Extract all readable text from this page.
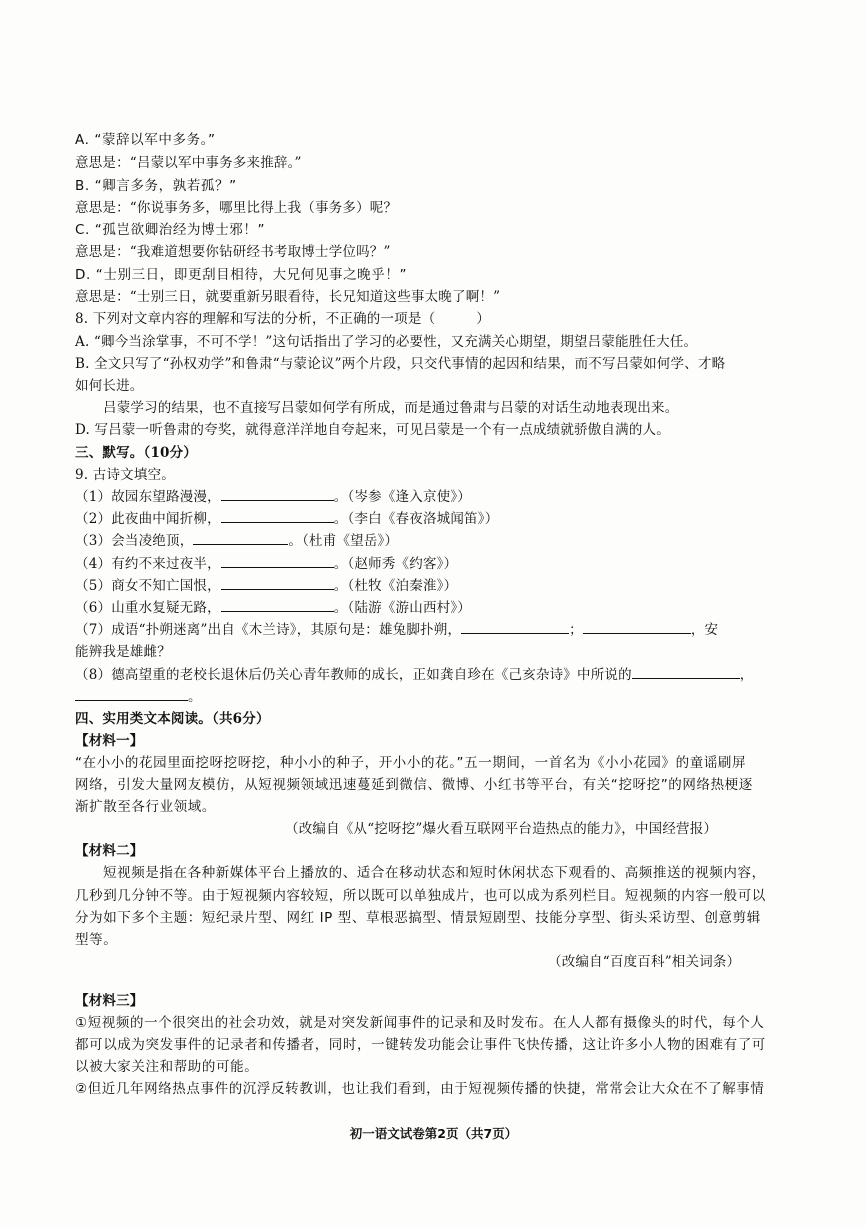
A. “蒙辞以军中多务。”
意思是：“吕蒙以军中事务多来推辞。”
B. “卿言多务，孰若孤？”
意思是：“你说事务多，哪里比得上我（事务多）呢？
C. “孤岂欲卿治经为博士邪！”
意思是：“我难道想要你钻研经书考取博士学位吗？”
D. “士别三日，即更刮目相待，大兄何见事之晚乎！”
意思是：“士别三日，就要重新另眼看待，长兄知道这些事太晚了啊！”
8. 下列对文章内容的理解和写法的分析，不正确的一项是（　　　）
A. “卿今当涂掌事，不可不学！”这句话指出了学习的必要性，又充满关心期望，期望吕蒙能胜任大任。
B. 全文只写了“孙权劝学”和鲁肃“与蒙论议”两个片段，只交代事情的起因和结果，而不写吕蒙如何学、才略
如何长进。
吕蒙学习的结果，也不直接写吕蒙如何学有所成，而是通过鲁肃与吕蒙的对话生动地表现出来。
D. 写吕蒙一听鲁肃的夸奖，就得意洋洋地自夸起来，可见吕蒙是一个有一点成绩就骄傲自满的人。
三、默写。（10分）
9. 古诗文填空。
（1）故园东望路漫漫，	。（岑参《逢入京使》）
（2）此夜曲中闻折柳，	。（李白《春夜洛城闻笛》）
（3）会当凌绝顶，	。（杜甫《望岳》）
（4）有约不来过夜半，	。（赵师秀《约客》）
（5）商女不知亡国恨，	。（杜牧《泊秦淮》）
（6）山重水复疑无路，	。（陆游《游山西村》）
（7）成语“扑朔迷离”出自《木兰诗》，其原句是：雄兔脚扑朔，	；	，安
能辨我是雄雌？
（8）德高望重的老校长退休后仍关心青年教师的成长，正如龚自珍在《己亥杂诗》中所说的	，
。
四、实用类文本阅读。（共6分）
【材料一】
“在小小的花园里面挖呀挖呀挖，种小小的种子，开小小的花。”五一期间，一首名为《小小花园》的童谣刷屏
网络，引发大量网友模仿，从短视频领域迅速蔓延到微信、微博、小红书等平台，有关“挖呀挖”的网络热梗逐
渐扩散至各行业领域。
（改编自《从“挖呀挖”爆火看互联网平台造热点的能力》，中国经营报）
【材料二】
短视频是指在各种新媒体平台上播放的、适合在移动状态和短时休闲状态下观看的、高频推送的视频内容，
几秒到几分钟不等。由于短视频内容较短，所以既可以单独成片，也可以成为系列栏目。短视频的内容一般可以
分为如下多个主题：短纪录片型、网红 IP 型、草根恶搞型、情景短剧型、技能分享型、街头采访型、创意剪辑
型等。
（改编自“百度百科”相关词条）
【材料三】
①短视频的一个很突出的社会功效，就是对突发新闻事件的记录和及时发布。在人人都有摄像头的时代，每个人
都可以成为突发事件的记录者和传播者，同时，一键转发功能会让事件飞快传播，这让许多小人物的困难有了可
以被大家关注和帮助的可能。
②但近几年网络热点事件的沉浮反转教训，也让我们看到，由于短视频传播的快捷，常常会让大众在不了解事情
初一语文试卷第2页（共7页）
